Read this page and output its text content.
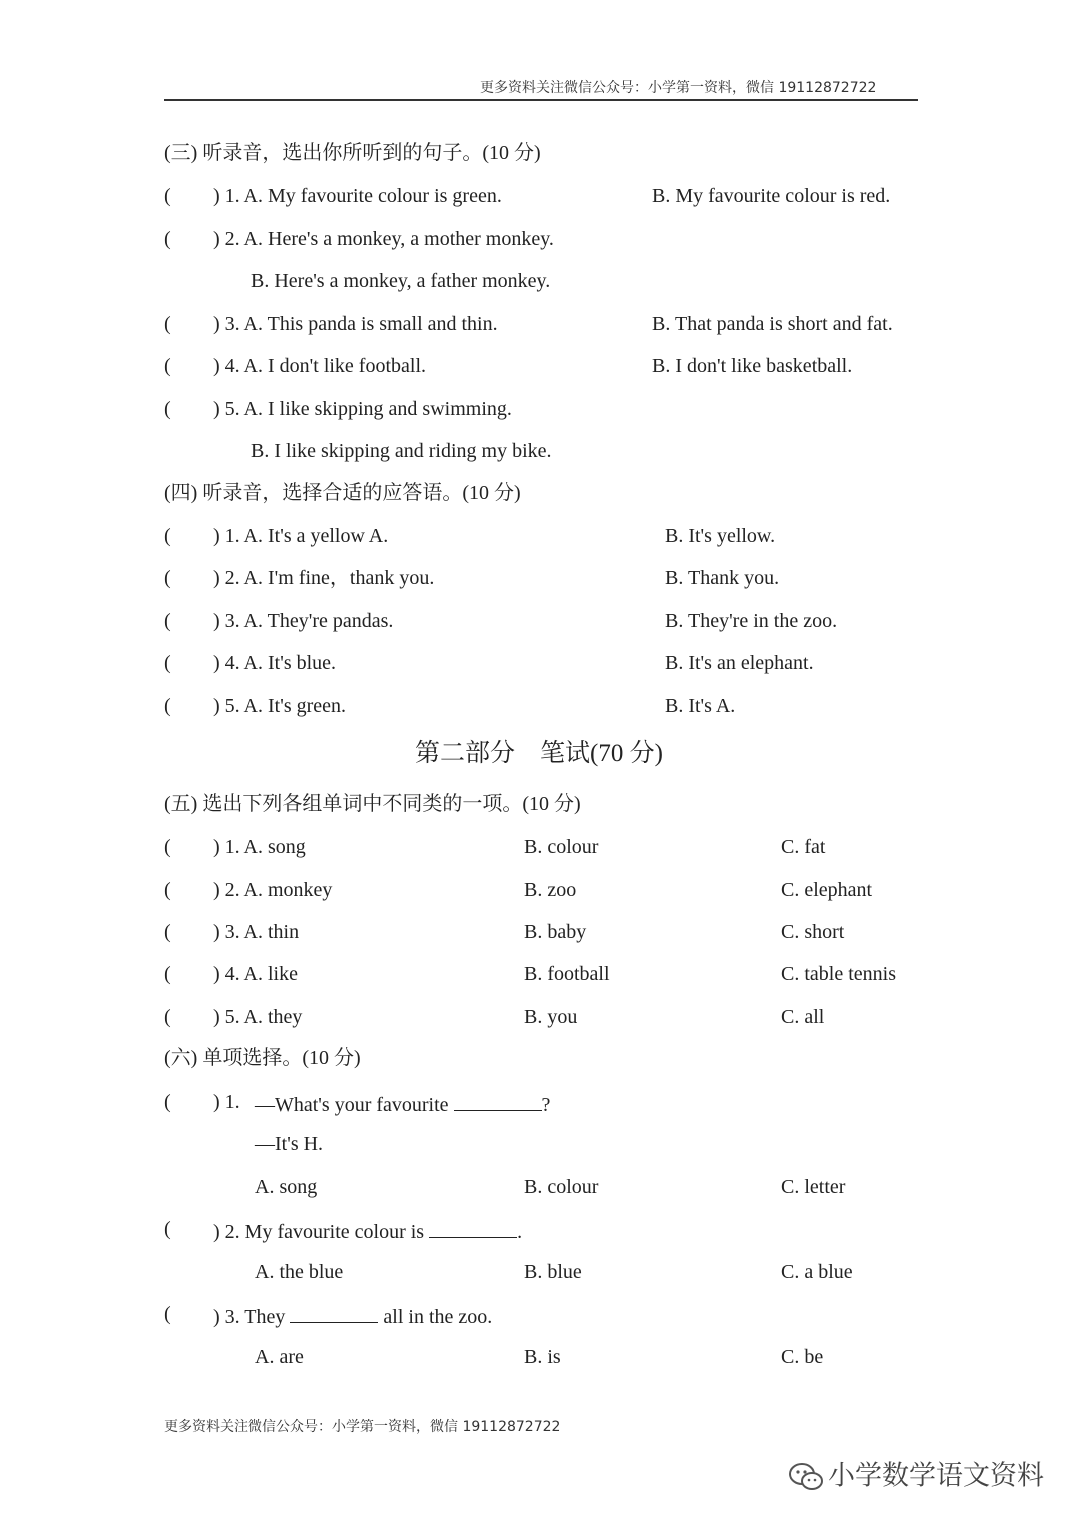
更多资料关注微信公众号：小学第一资料，微信 19112872722
(三) 听录音，选出你所听到的句子。(10 分)
( ) 1. A. My favourite colour is green.	B. My favourite colour is red.
( ) 2. A. Here's a monkey, a mother monkey.
B. Here's a monkey, a father monkey.
( ) 3. A. This panda is small and thin.	B. That panda is short and fat.
( ) 4. A. I don't like football.	B. I don't like basketball.
( ) 5. A. I like skipping and swimming.
B. I like skipping and riding my bike.
(四) 听录音，选择合适的应答语。(10 分)
( ) 1. A. It's a yellow A.	B. It's yellow.
( ) 2. A. I'm fine，thank you.	B. Thank you.
( ) 3. A. They're pandas.	B. They're in the zoo.
( ) 4. A. It's blue.	B. It's an elephant.
( ) 5. A. It's green.	B. It's A.
第二部分　笔试(70 分)
(五) 选出下列各组单词中不同类的一项。(10 分)
( ) 1. A. song	B. colour	C. fat
( ) 2. A. monkey	B. zoo	C. elephant
( ) 3. A. thin	B. baby	C. short
( ) 4. A. like	B. football	C. table tennis
( ) 5. A. they	B. you	C. all
(六) 单项选择。(10 分)
( ) 1. —What's your favourite	?
—It's H.
A. song	B. colour	C. letter
( ) 2. My favourite colour is	.
A. the blue	B. blue	C. a blue
( ) 3. They	all in the zoo.
A. are	B. is	C. be
更多资料关注微信公众号：小学第一资料，微信 19112872722
小学数学语文资料
